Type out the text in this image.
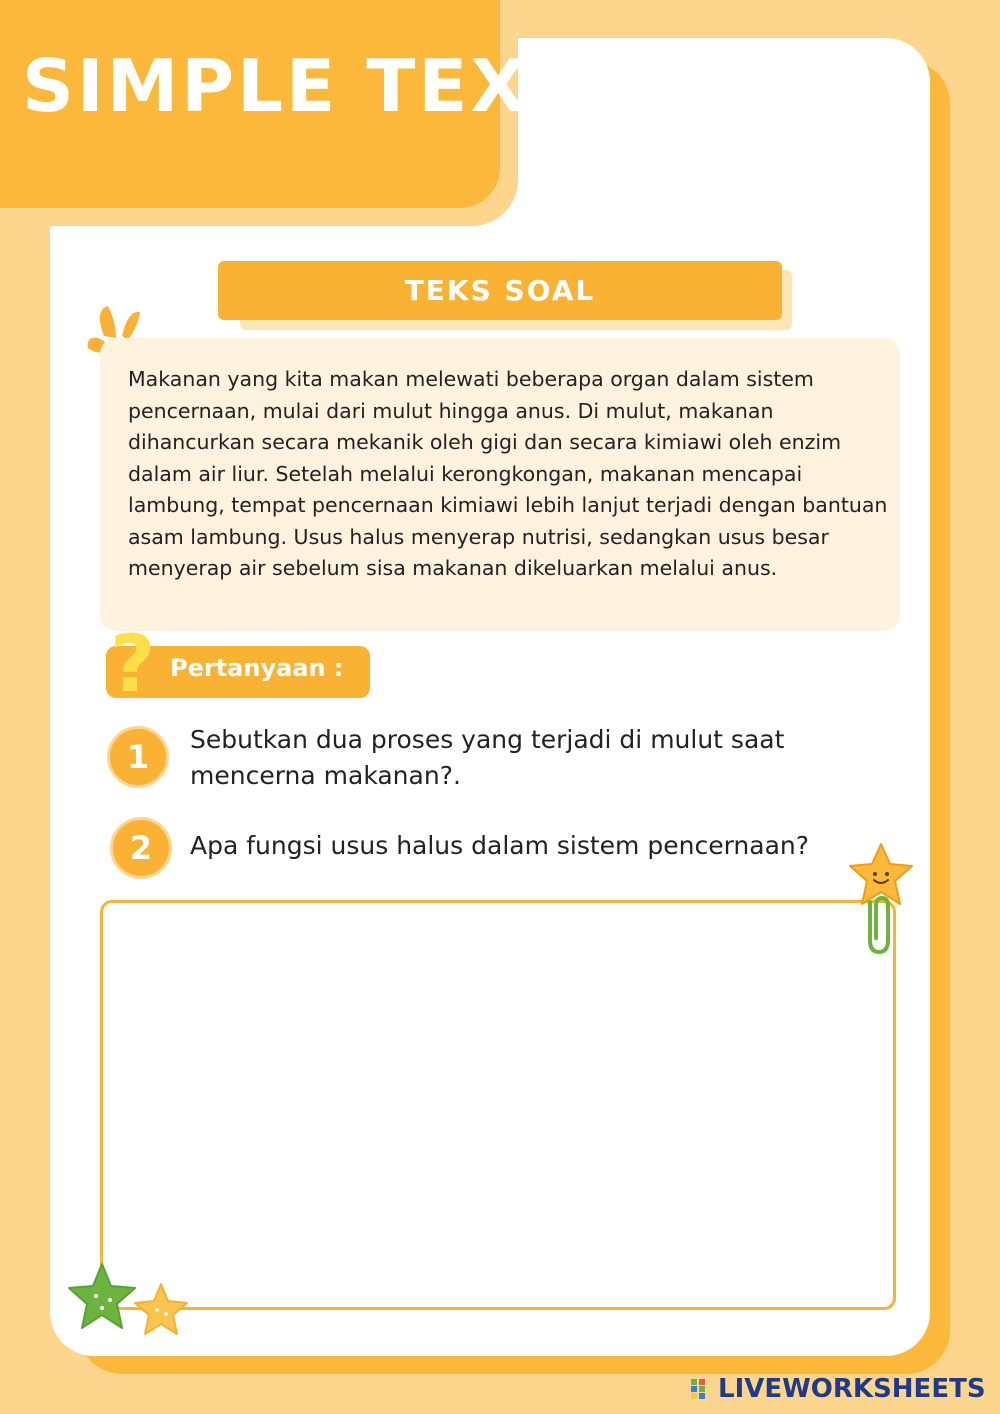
SIMPLE TEXT
TEKS SOAL
Makanan yang kita makan melewati beberapa organ dalam sistem pencernaan, mulai dari mulut hingga anus. Di mulut, makanan dihancurkan secara mekanik oleh gigi dan secara kimiawi oleh enzim dalam air liur. Setelah melalui kerongkongan, makanan mencapai lambung, tempat pencernaan kimiawi lebih lanjut terjadi dengan bantuan asam lambung. Usus halus menyerap nutrisi, sedangkan usus besar menyerap air sebelum sisa makanan dikeluarkan melalui anus.
? Pertanyaan :
1	Sebutkan dua proses yang terjadi di mulut saat mencerna makanan?.
2	Apa fungsi usus halus dalam sistem pencernaan?
LIVEWORKSHEETS
